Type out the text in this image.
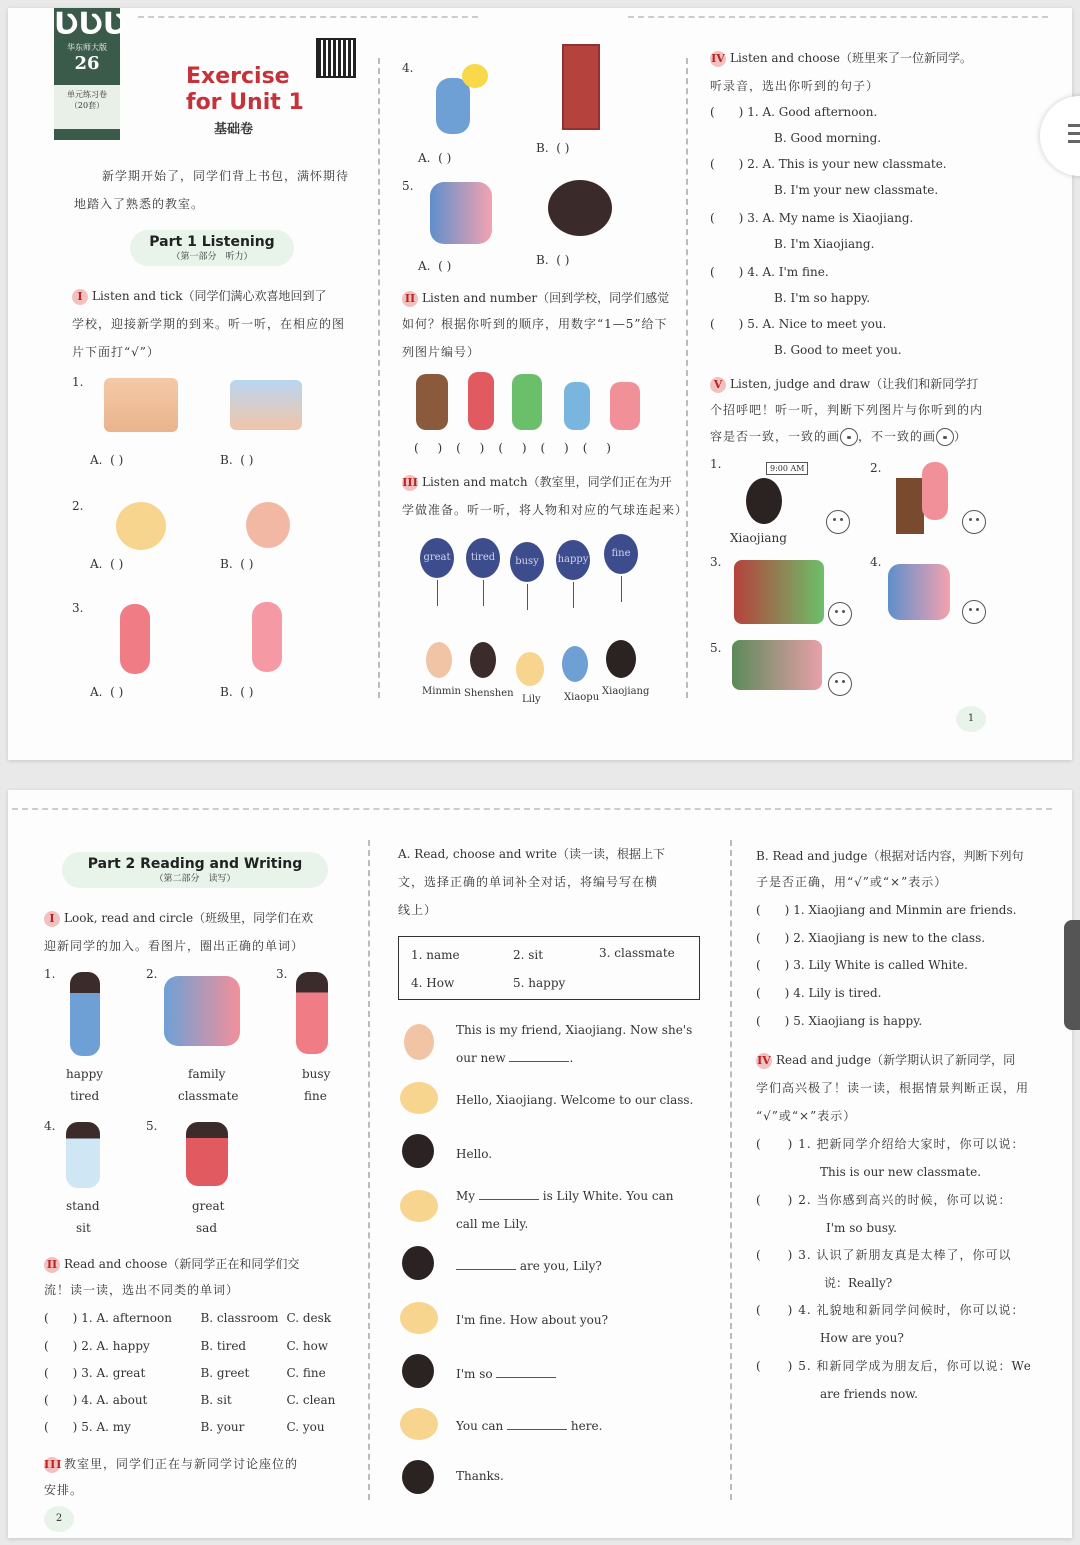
ƲƲƲ
华东师大版
26
单元练习卷
（20套）
Exercise
for Unit 1
基础卷
新学期开始了，同学们背上书包，满怀期待
地踏入了熟悉的教室。
Part 1 Listening
（第一部分　听力）
I Listen and tick（同学们满心欢喜地回到了
学校，迎接新学期的到来。听一听，在相应的图
片下面打“√”）
1.
A. ( )	B. ( )
2.
A. ( )	B. ( )
3.
A. ( )	B. ( )
4.
A. ( )
B. ( )
5.
A. ( )	B. ( )
II Listen and number（回到学校，同学们感觉
如何？根据你听到的顺序，用数字“1—5”给下
列图片编号）
(　 )　(　 )　(　 )　(　 )　(　 )
III Listen and match（教室里，同学们正在为开
学做准备。听一听，将人物和对应的气球连起来）
great	tired	busy	happy
fine
Minmin Shenshen
Lily Xiaopu
Xiaojiang
IV Listen and choose（班里来了一位新同学。
听录音，选出你听到的句子）
(　　) 1. A. Good afternoon.
B. Good morning.
(　　) 2. A. This is your new classmate.
B. I'm your new classmate.
(　　) 3. A. My name is Xiaojiang.
B. I'm Xiaojiang.
(　　) 4. A. I'm fine.
B. I'm so happy.
(　　) 5. A. Nice to meet you.
B. Good to meet you.
V Listen, judge and draw（让我们和新同学打
个招呼吧！听一听，判断下列图片与你听到的内
容是否一致，一致的画 ，不一致的画 ）
1.	9:00 AM
Xiaojiang
2.
3.	4.
5.
1
Part 2 Reading and Writing
（第二部分　读写）
I Look, read and circle（班级里，同学们在欢
迎新同学的加入。看图片，圈出正确的单词）
1.
happy
tired
2.
family
classmate
3.
busy
fine
4.
stand
sit
5.
great
sad
II Read and choose（新同学正在和同学们交
流！读一读，选出不同类的单词）
(　　) 1. A. afternoon B. classroom C. desk
(　　) 2. A. happy	B. tired	C. how
(　　) 3. A. great	B. greet	C. fine
(　　) 4. A. about	B. sit	C. clean
(　　) 5. A. my	B. your	C. you
III 教室里，同学们正在与新同学讨论座位的
安排。
2
A. Read, choose and write（读一读，根据上下
文，选择正确的单词补全对话，将编号写在横
线上）
1. name	2. sit	3. classmate
4. How	5. happy
This is my friend, Xiaojiang. Now she's
our new	.
Hello, Xiaojiang. Welcome to our class.
Hello.
My	is Lily White. You can
call me Lily.
are you, Lily?
I'm fine. How about you?
I'm so
You can	here.
Thanks.
B. Read and judge（根据对话内容，判断下列句
子是否正确，用“√”或“×”表示）
(　　) 1. Xiaojiang and Minmin are friends.
(　　) 2. Xiaojiang is new to the class.
(　　) 3. Lily White is called White.
(　　) 4. Lily is tired.
(　　) 5. Xiaojiang is happy.
IV Read and judge（新学期认识了新同学，同
学们高兴极了！读一读，根据情景判断正误，用
“√”或“×”表示）
(　　) 1. 把新同学介绍给大家时，你可以说：
This is our new classmate.
(　　) 2. 当你感到高兴的时候，你可以说：
I'm so busy.
(　　) 3. 认识了新朋友真是太棒了，你可以
说：Really?
(　　) 4. 礼貌地和新同学问候时，你可以说：
How are you?
(　　) 5. 和新同学成为朋友后，你可以说：We
are friends now.
